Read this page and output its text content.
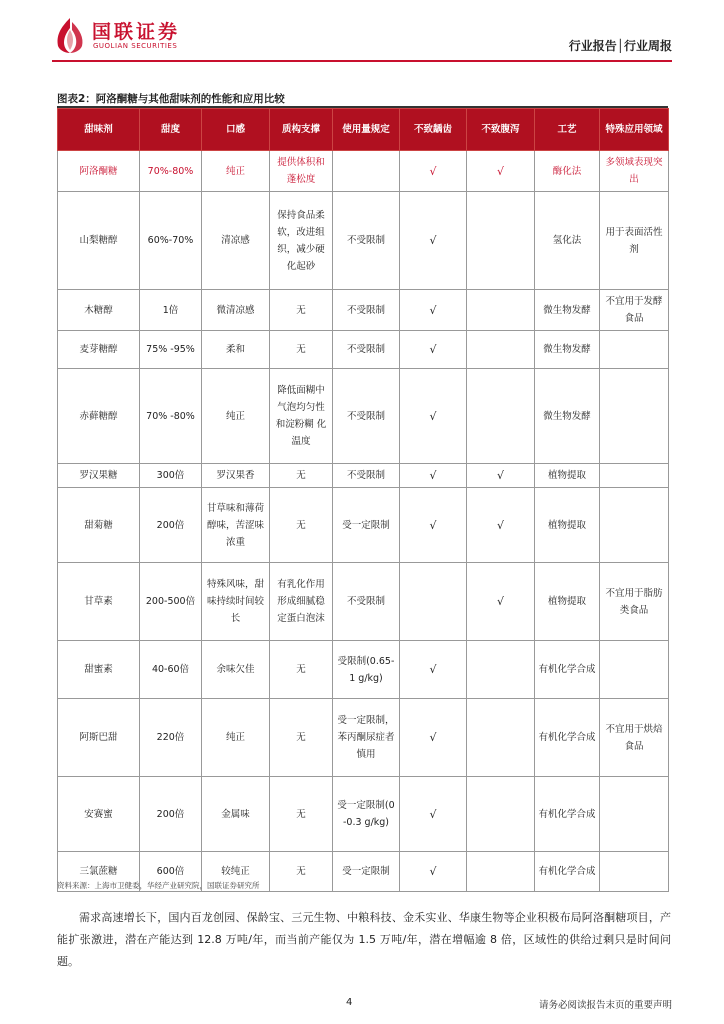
国联证券
GUOLIAN SECURITIES	行业报告│行业周报
图表2：阿洛酮糖与其他甜味剂的性能和应用比较
甜味剂	甜度	口感	质构支撑	使用量规定	不致龋齿	不致腹泻	工艺	特殊应用领域
阿洛酮糖	70%-80%	纯正	提供体积和蓬松度		√	√	酶化法	多领域表现突出
山梨糖醇	60%-70%	清凉感	保持食品柔软，改进组织，减少硬化起砂	不受限制	√		氢化法	用于表面活性剂
木糖醇	1倍	微清凉感	无	不受限制	√		微生物发酵	不宜用于发酵食品
麦芽糖醇	75% -95%	柔和	无	不受限制	√		微生物发酵	
赤藓糖醇	70% -80%	纯正	降低面糊中气泡均匀性和淀粉糊 化温度	不受限制	√		微生物发酵	
罗汉果糖	300倍	罗汉果香	无	不受限制	√	√	植物提取	
甜菊糖	200倍	甘草味和薄荷醇味，苦涩味浓重	无	受一定限制	√	√	植物提取	
甘草素	200-500倍	特殊风味，甜味持续时间较长	有乳化作用形成细腻稳定蛋白泡沫	不受限制		√	植物提取	不宜用于脂肪类食品
甜蜜素	40-60倍	余味欠佳	无	受限制(0.65-1 g/kg)	√		有机化学合成	
阿斯巴甜	220倍	纯正	无	受一定限制，苯丙酮尿症者慎用	√		有机化学合成	不宜用于烘焙食品
安赛蜜	200倍	金属味	无	受一定限制(0-0.3 g/kg)	√		有机化学合成	
三氯蔗糖	600倍	较纯正	无	受一定限制	√		有机化学合成	
资料来源：上海市卫健委，华经产业研究院，国联证券研究所
需求高速增长下，国内百龙创园、保龄宝、三元生物、中粮科技、金禾实业、华康生物等企业积极布局阿洛酮糖项目，产能扩张激进，潜在产能达到 12.8 万吨/年，而当前产能仅为 1.5 万吨/年，潜在增幅逾 8 倍，区域性的供给过剩只是时间问题。
4	请务必阅读报告末页的重要声明
